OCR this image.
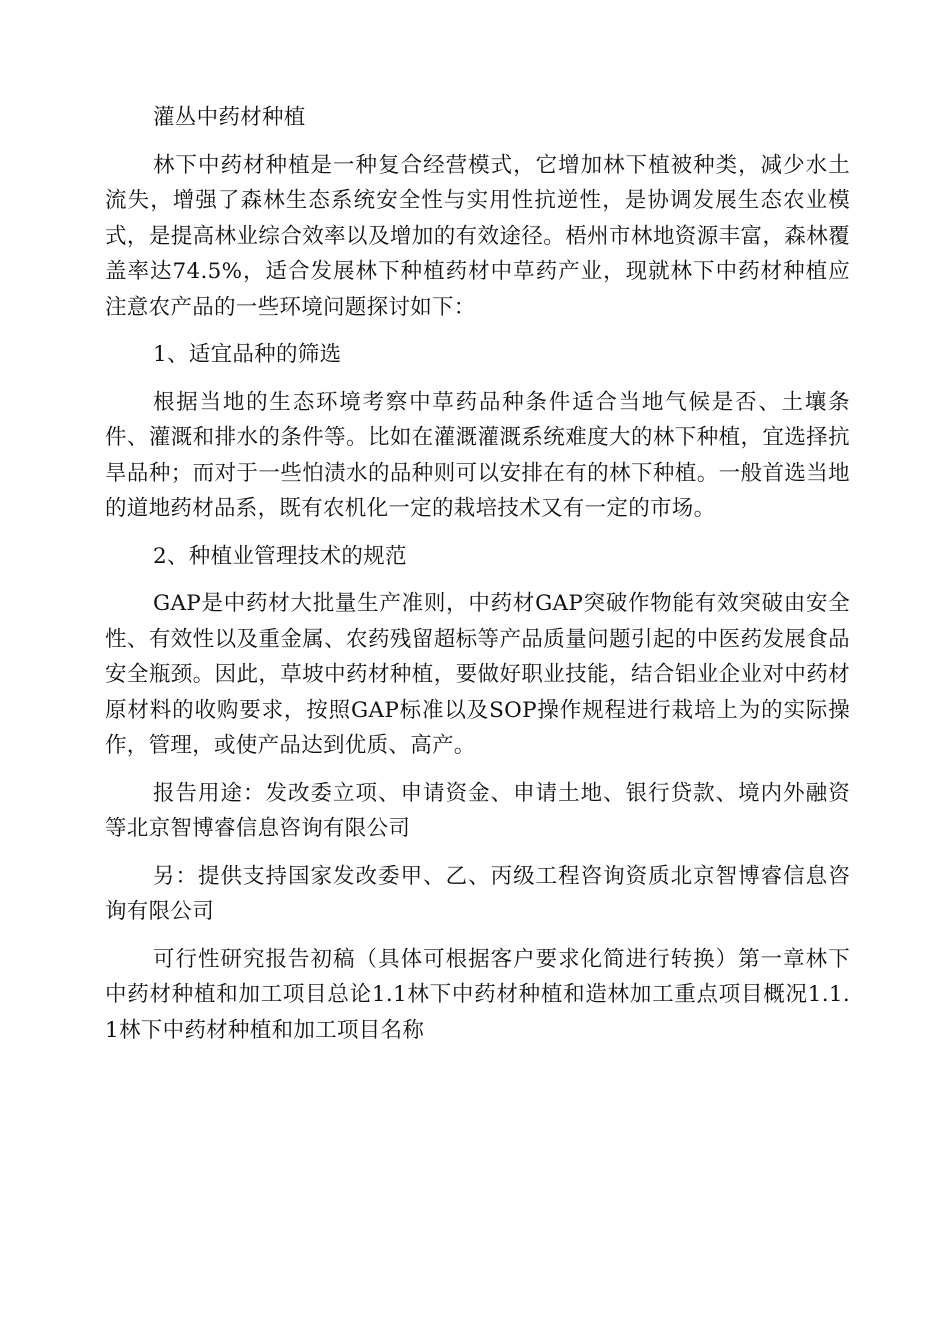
灌丛中药材种植

林下中药材种植是一种复合经营模式，它增加林下植被种类，减少水土流失，增强了森林生态系统安全性与实用性抗逆性，是协调发展生态农业模式，是提高林业综合效率以及增加的有效途径。梧州市林地资源丰富，森林覆盖率达74.5%，适合发展林下种植药材中草药产业，现就林下中药材种植应注意农产品的一些环境问题探讨如下：

1、适宜品种的筛选

根据当地的生态环境考察中草药品种条件适合当地气候是否、土壤条件、灌溉和排水的条件等。比如在灌溉灌溉系统难度大的林下种植，宜选择抗旱品种；而对于一些怕渍水的品种则可以安排在有的林下种植。一般首选当地的道地药材品系，既有农机化一定的栽培技术又有一定的市场。

2、种植业管理技术的规范

GAP是中药材大批量生产准则，中药材GAP突破作物能有效突破由安全性、有效性以及重金属、农药残留超标等产品质量问题引起的中医药发展食品安全瓶颈。因此，草坡中药材种植，要做好职业技能，结合铝业企业对中药材原材料的收购要求，按照GAP标准以及SOP操作规程进行栽培上为的实际操作，管理，或使产品达到优质、高产。

报告用途：发改委立项、申请资金、申请土地、银行贷款、境内外融资等北京智博睿信息咨询有限公司

另：提供支持国家发改委甲、乙、丙级工程咨询资质北京智博睿信息咨询有限公司

可行性研究报告初稿（具体可根据客户要求化简进行转换）第一章林下中药材种植和加工项目总论1.1林下中药材种植和造林加工重点项目概况1.1.1林下中药材种植和加工项目名称
